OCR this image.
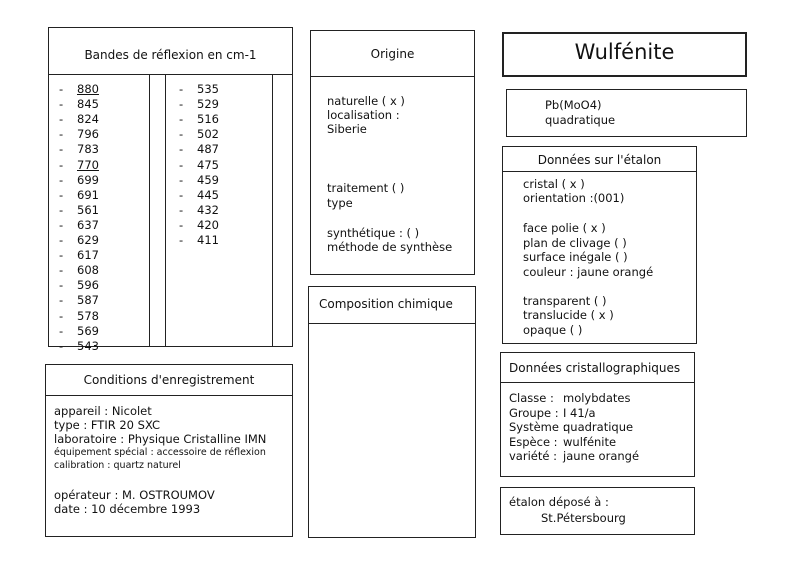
Bandes de réflexion en cm-1
- 880
- 845
- 824
- 796
- 783
- 770
- 699
- 691
- 561
- 637
- 629
- 617
- 608
- 596
- 587
- 578
- 569
- 543
- 535
- 529
- 516
- 502
- 487
- 475
- 459
- 445
- 432
- 420
- 411
Origine
naturelle ( x )
localisation :
Siberie
traitement ( )
type
synthétique : ( )
méthode de synthèse
Composition chimique
Wulfénite
Pb(MoO4)
quadratique
Données sur l'étalon
cristal ( x )
orientation :(001)
face polie ( x )
plan de clivage ( )
surface inégale ( )
couleur : jaune orangé
transparent ( )
translucide ( x )
opaque ( )
Conditions d'enregistrement
appareil : Nicolet
type : FTIR 20 SXC
laboratoire : Physique Cristalline IMN
équipement spécial : accessoire de réflexion
calibration : quartz naturel
opérateur : M. OSTROUMOV
date : 10 décembre 1993
Données cristallographiques
Classe : molybdates
Groupe : I 41/a
Système :
quadratique
Espèce : wulfénite
variété : jaune orangé
étalon déposé à :
St.Pétersbourg
